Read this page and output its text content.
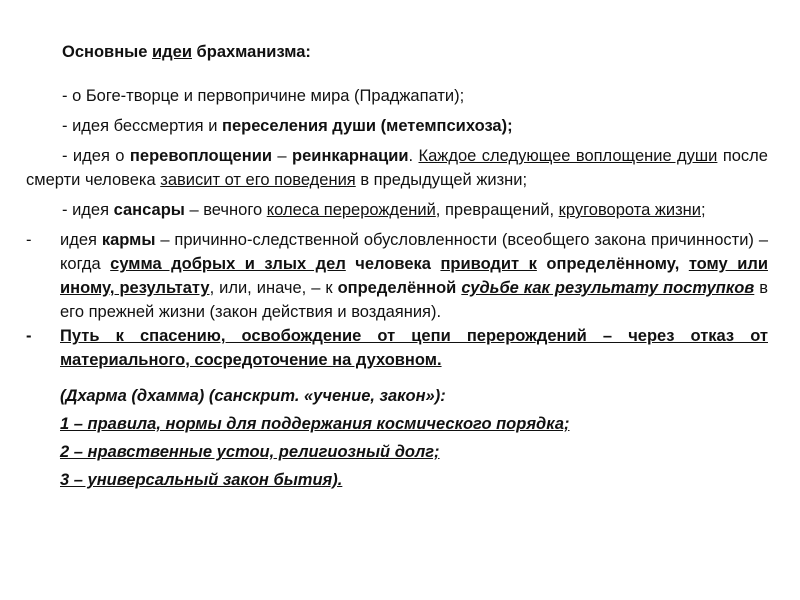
Основные идеи брахманизма:

- о Боге-творце и первопричине мира (Праджапати);

- идея бессмертия и переселения души (метемпсихоза);

- идея о перевоплощении – реинкарнации. Каждое следующее воплощение души после смерти человека зависит от его поведения в предыдущей жизни;

- идея сансары – вечного колеса перерождений, превращений, круговорота жизни;

- идея кармы – причинно-следственной обусловленности (всеобщего закона причинности) – когда сумма добрых и злых дел человека приводит к определённому, тому или иному, результату, или, иначе, – к определённой судьбе как результату поступков в его прежней жизни (закон действия и воздаяния).
- Путь к спасению, освобождение от цепи перерождений – через отказ от материального, сосредоточение на духовном.

(Дхарма (дхамма) (санскрит. «учение, закон»):

1 – правила, нормы для поддержания космического порядка;

2 – нравственные устои, религиозный долг;

3 – универсальный закон бытия).
